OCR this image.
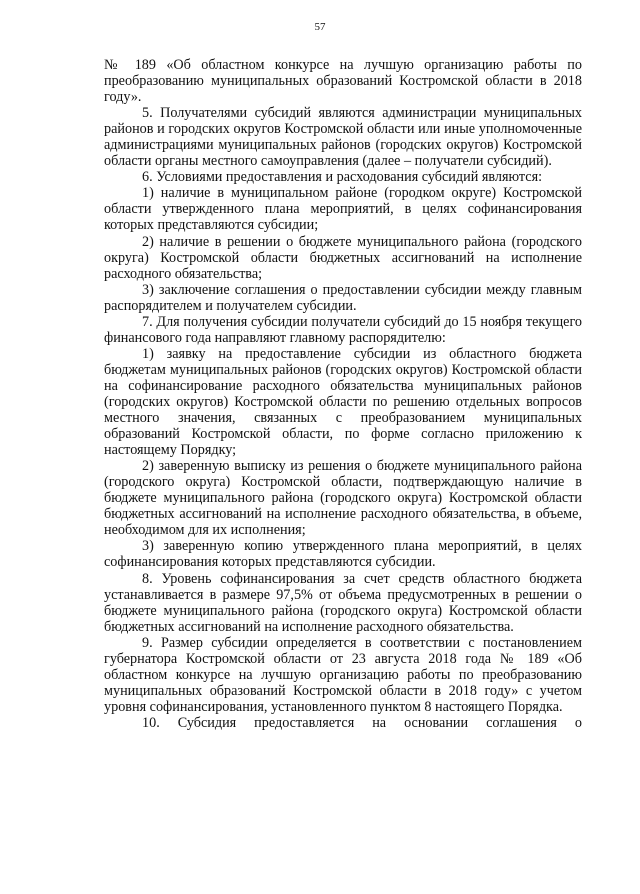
57

№ 189 «Об областном конкурсе на лучшую организацию работы по преобразованию муниципальных образований Костромской области в 2018 году».

5. Получателями субсидий являются администрации муниципальных районов и городских округов Костромской области или иные уполномоченные администрациями муниципальных районов (городских округов) Костромской области органы местного самоуправления (далее – получатели субсидий).

6. Условиями предоставления и расходования субсидий являются:

1) наличие в муниципальном районе (городком округе) Костромской области утвержденного плана мероприятий, в целях софинансирования которых представляются субсидии;

2) наличие в решении о бюджете муниципального района (городского округа) Костромской области бюджетных ассигнований на исполнение расходного обязательства;

3) заключение соглашения о предоставлении субсидии между главным распорядителем и получателем субсидии.

7. Для получения субсидии получатели субсидий до 15 ноября текущего финансового года направляют главному распорядителю:

1) заявку на предоставление субсидии из областного бюджета бюджетам муниципальных районов (городских округов) Костромской области на софинансирование расходного обязательства муниципальных районов (городских округов) Костромской области по решению отдельных вопросов местного значения, связанных с преобразованием муниципальных образований Костромской области, по форме согласно приложению к настоящему Порядку;

2) заверенную выписку из решения о бюджете муниципального района (городского округа) Костромской области, подтверждающую наличие в бюджете муниципального района (городского округа) Костромской области бюджетных ассигнований на исполнение расходного обязательства, в объеме, необходимом для их исполнения;

3) заверенную копию утвержденного плана мероприятий, в целях софинансирования которых представляются субсидии.

8. Уровень софинансирования за счет средств областного бюджета устанавливается в размере 97,5% от объема предусмотренных в решении о бюджете муниципального района (городского округа) Костромской области бюджетных ассигнований на исполнение расходного обязательства.

9. Размер субсидии определяется в соответствии с постановлением губернатора Костромской области от 23 августа 2018 года № 189 «Об областном конкурсе на лучшую организацию работы по преобразованию муниципальных образований Костромской области в 2018 году» с учетом уровня софинансирования, установленного пунктом 8 настоящего Порядка.

10. Субсидия предоставляется на основании соглашения о
